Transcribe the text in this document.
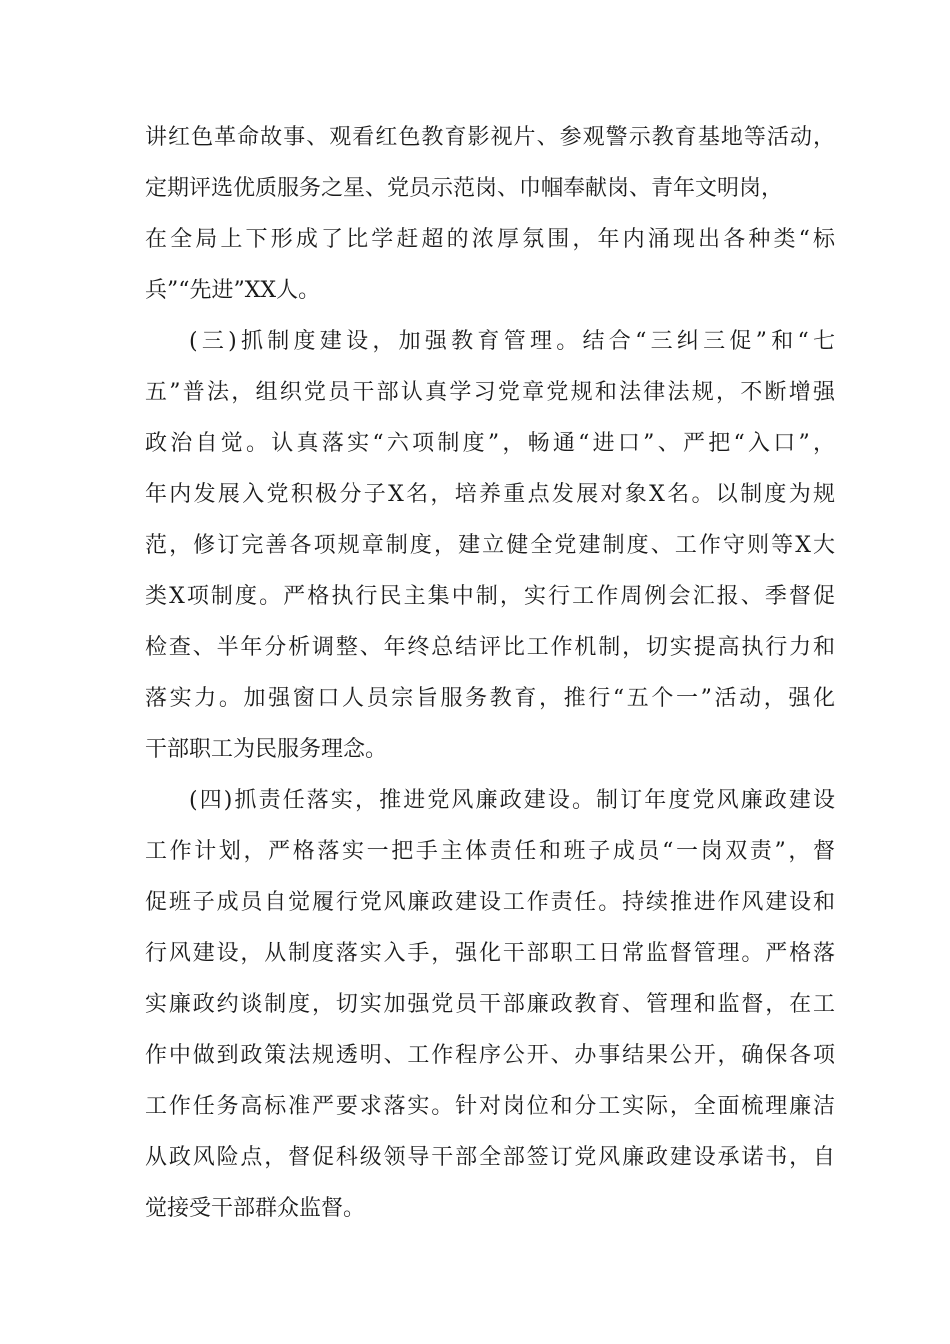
讲红色革命故事、观看红色教育影视片、参观警示教育基地等活动，
定期评选优质服务之星、党员示范岗、巾帼奉献岗、青年文明岗，
在全局上下形成了比学赶超的浓厚氛围，年内涌现出各种类“标
兵”“先进”XX人。
(三)抓制度建设，加强教育管理。结合“三纠三促”和“七
五”普法，组织党员干部认真学习党章党规和法律法规，不断增强
政治自觉。认真落实“六项制度”，畅通“进口”、严把“入口”，
年内发展入党积极分子X名，培养重点发展对象X名。以制度为规
范，修订完善各项规章制度，建立健全党建制度、工作守则等X大
类X项制度。严格执行民主集中制，实行工作周例会汇报、季督促
检查、半年分析调整、年终总结评比工作机制，切实提高执行力和
落实力。加强窗口人员宗旨服务教育，推行“五个一”活动，强化
干部职工为民服务理念。
(四)抓责任落实，推进党风廉政建设。制订年度党风廉政建设
工作计划，严格落实一把手主体责任和班子成员“一岗双责”，督
促班子成员自觉履行党风廉政建设工作责任。持续推进作风建设和
行风建设，从制度落实入手，强化干部职工日常监督管理。严格落
实廉政约谈制度，切实加强党员干部廉政教育、管理和监督，在工
作中做到政策法规透明、工作程序公开、办事结果公开，确保各项
工作任务高标准严要求落实。针对岗位和分工实际，全面梳理廉洁
从政风险点，督促科级领导干部全部签订党风廉政建设承诺书，自
觉接受干部群众监督。
